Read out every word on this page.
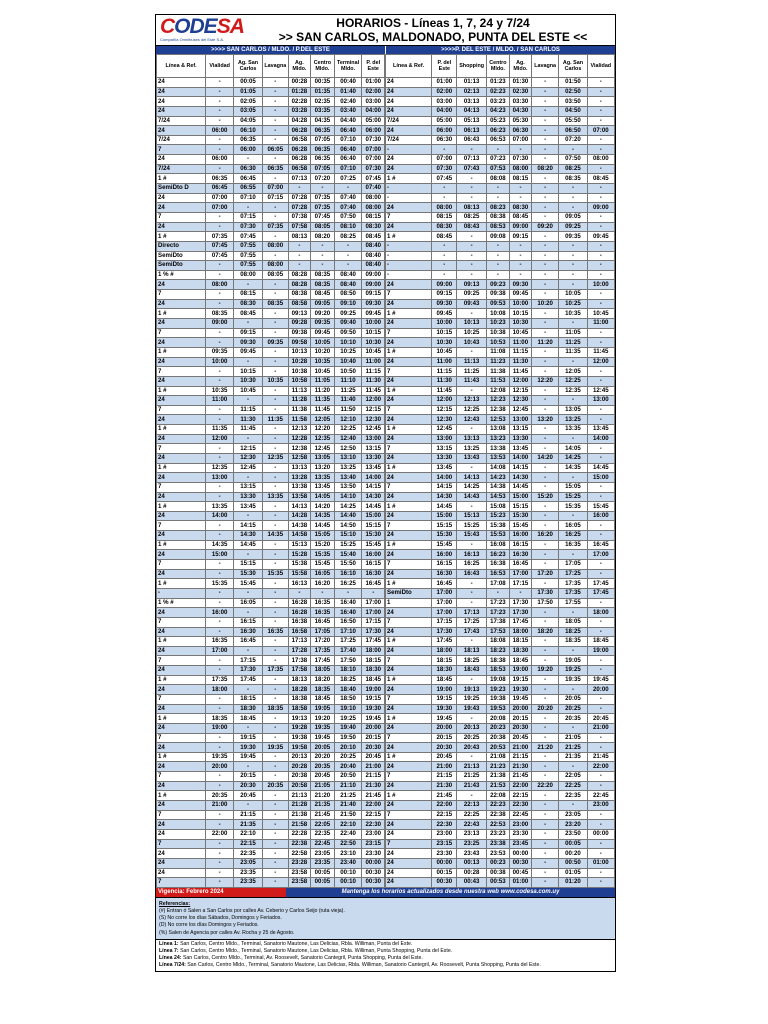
CODESA
Compañía Omnibuses del Este S.A.
HORARIOS - Líneas 1, 7, 24 y 7/24
>> SAN CARLOS, MALDONADO, PUNTA DEL ESTE <<
>>>> SAN CARLOS / MLDO. / P.DEL ESTE	>>>>P. DEL ESTE / MLDO. / SAN CARLOS
Línea & Ref.	Vialidad	Ag. San Carlos	Lavagna	Ag. Mldo.	Centro Mldo.	Terminal Mldo.	P. del Este
24	-	00:05	-	00:28	00:35	00:40	01:00
24	-	01:05	-	01:28	01:35	01:40	02:00
24	-	02:05	-	02:28	02:35	02:40	03:00
24	-	03:05	-	03:28	03:35	03:40	04:00
7/24	-	04:05	-	04:28	04:35	04:40	05:00
24	06:00	06:10	-	06:28	06:35	06:40	06:00
7/24	-	06:35	-	06:58	07:05	07:10	07:30
7	-	06:00	06:05	06:28	06:35	06:40	07:00
24	06:00	-	-	06:28	06:35	06:40	07:00
7/24	-	06:30	06:35	06:58	07:05	07:10	07:30
1 #	06:35	06:45	-	07:13	07:20	07:25	07:45
SemiDto D	06:45	06:55	07:00	-	-	-	07:40
24	07:00	07:10	07:15	07:28	07:35	07:40	08:00
24	07:00	-	-	07:28	07:35	07:40	08:00
7	-	07:15	-	07:38	07:45	07:50	08:15
24	-	07:30	07:35	07:58	08:05	08:10	08:30
1 #	07:35	07:45	-	08:13	08:20	08:25	08:45
Directo	07:45	07:55	08:00	-	-	-	08:40
SemiDto	07:45	07:55	-	-	-	-	08:40
SemiDto	-	07:55	08:00	-	-	-	08:40
1 % #	-	08:00	08:05	08:28	08:35	08:40	09:00
24	08:00	-	-	08:28	08:35	08:40	09:00
7	-	08:15	-	08:38	08:45	08:50	09:15
24	-	08:30	08:35	08:58	09:05	09:10	09:30
1 #	08:35	08:45	-	09:13	09:20	09:25	09:45
24	09:00	-	-	09:28	09:35	09:40	10:00
7	-	09:15	-	09:38	09:45	09:50	10:15
24	-	09:30	09:35	09:58	10:05	10:10	10:30
1 #	09:35	09:45	-	10:13	10:20	10:25	10:45
24	10:00	-	-	10:28	10:35	10:40	11:00
7	-	10:15	-	10:38	10:45	10:50	11:15
24	-	10:30	10:35	10:58	11:05	11:10	11:30
1 #	10:35	10:45	-	11:13	11:20	11:25	11:45
24	11:00	-	-	11:28	11:35	11:40	12:00
7	-	11:15	-	11:38	11:45	11:50	12:15
24	-	11:30	11:35	11:58	12:05	12:10	12:30
1 #	11:35	11:45	-	12:13	12:20	12:25	12:45
24	12:00	-	-	12:28	12:35	12:40	13:00
7	-	12:15	-	12:38	12:45	12:50	13:15
24	-	12:30	12:35	12:58	13:05	13:10	13:30
1 #	12:35	12:45	-	13:13	13:20	13:25	13:45
24	13:00	-	-	13:28	13:35	13:40	14:00
7	-	13:15	-	13:38	13:45	13:50	14:15
24	-	13:30	13:35	13:58	14:05	14:10	14:30
1 #	13:35	13:45	-	14:13	14:20	14:25	14:45
24	14:00	-	-	14:28	14:35	14:40	15:00
7	-	14:15	-	14:38	14:45	14:50	15:15
24	-	14:30	14:35	14:58	15:05	15:10	15:30
1 #	14:35	14:45	-	15:13	15:20	15:25	15:45
24	15:00	-	-	15:28	15:35	15:40	16:00
7	-	15:15	-	15:38	15:45	15:50	16:15
24	-	15:30	15:35	15:58	16:05	16:10	16:30
1 #	15:35	15:45	-	16:13	16:20	16:25	16:45
-	-	-	-	-	-	-	-
1 % #	-	16:05	-	16:28	16:35	16:40	17:00
24	16:00	-	-	16:28	16:35	16:40	17:00
7	-	16:15	-	16:38	16:45	16:50	17:15
24	-	16:30	16:35	16:58	17:05	17:10	17:30
1 #	16:35	16:45	-	17:13	17:20	17:25	17:45
24	17:00	-	-	17:28	17:35	17:40	18:00
7	-	17:15	-	17:38	17:45	17:50	18:15
24	-	17:30	17:35	17:58	18:05	18:10	18:30
1 #	17:35	17:45	-	18:13	18:20	18:25	18:45
24	18:00	-	-	18:28	18:35	18:40	19:00
7	-	18:15	-	18:38	18:45	18:50	19:15
24	-	18:30	18:35	18:58	19:05	19:10	19:30
1 #	18:35	18:45	-	19:13	19:20	19:25	19:45
24	19:00	-	-	19:28	19:35	19:40	20:00
7	-	19:15	-	19:38	19:45	19:50	20:15
24	-	19:30	19:35	19:58	20:05	20:10	20:30
1 #	19:35	19:45	-	20:13	20:20	20:25	20:45
24	20:00	-	-	20:28	20:35	20:40	21:00
7	-	20:15	-	20:38	20:45	20:50	21:15
24	-	20:30	20:35	20:58	21:05	21:10	21:30
1 #	20:35	20:45	-	21:13	21:20	21:25	21:45
24	21:00	-	-	21:28	21:35	21:40	22:00
7	-	21:15	-	21:38	21:45	21:50	22:15
24	-	21:35	-	21:58	22:05	22:10	22:30
24	22:00	22:10	-	22:28	22:35	22:40	23:00
7	-	22:15	-	22:38	22:45	22:50	23:15
24	-	22:35	-	22:58	23:05	23:10	23:30
24	-	23:05	-	23:28	23:35	23:40	00:00
24	-	23:35	-	23:58	00:05	00:10	00:30
7	-	23:35	-	23:58	00:05	00:10	00:30
Línea & Ref.	P. del Este	Shopping	Centro Mldo.	Ag. Mldo.	Lavagna	Ag. San Carlos	Vialidad
24	01:00	01:13	01:23	01:30	-	01:50	-
24	02:00	02:13	02:23	02:30	-	02:50	-
24	03:00	03:13	03:23	03:30	-	03:50	-
24	04:00	04:13	04:23	04:30	-	04:50	-
7/24	05:00	05:13	05:23	05:30	-	05:50	-
24	06:00	06:13	06:23	06:30	-	06:50	07:00
7/24	06:30	06:43	06:53	07:00	-	07:20	-
-	-	-	-	-	-	-	-
24	07:00	07:13	07:23	07:30	-	07:50	08:00
24	07:30	07:43	07:53	08:00	08:20	08:25	-
1 #	07:45	-	08:08	08:15	-	08:35	08:45
-	-	-	-	-	-	-	-
-	-	-	-	-	-	-	-
24	08:00	08:13	08:23	08:30	-	-	09:00
7	08:15	08:25	08:38	08:45	-	09:05	-
24	08:30	08:43	08:53	09:00	09:20	09:25	-
1 #	08:45	-	09:08	09:15	-	09:35	09:45
-	-	-	-	-	-	-	-
-	-	-	-	-	-	-	-
-	-	-	-	-	-	-	-
-	-	-	-	-	-	-	-
24	09:00	09:13	09:23	09:30	-	-	10:00
7	09:15	09:25	09:38	09:45	-	10:05	-
24	09:30	09:43	09:53	10:00	10:20	10:25	-
1 #	09:45	-	10:08	10:15	-	10:35	10:45
24	10:00	10:13	10:23	10:30	-	-	11:00
7	10:15	10:25	10:38	10:45	-	11:05	-
24	10:30	10:43	10:53	11:00	11:20	11:25	-
1 #	10:45	-	11:08	11:15	-	11:35	11:45
24	11:00	11:13	11:23	11:30	-	-	12:00
7	11:15	11:25	11:38	11:45	-	12:05	-
24	11:30	11:43	11:53	12:00	12:20	12:25	-
1 #	11:45	-	12:08	12:15	-	12:35	12:45
24	12:00	12:13	12:23	12:30	-	-	13:00
7	12:15	12:25	12:38	12:45	-	13:05	-
24	12:30	12:43	12:53	13:00	13:20	13:25	-
1 #	12:45	-	13:08	13:15	-	13:35	13:45
24	13:00	13:13	13:23	13:30	-	-	14:00
7	13:15	13:25	13:38	13:45	-	14:05	-
24	13:30	13:43	13:53	14:00	14:20	14:25	-
1 #	13:45	-	14:08	14:15	-	14:35	14:45
24	14:00	14:13	14:23	14:30	-	-	15:00
7	14:15	14:25	14:38	14:45	-	15:05	-
24	14:30	14:43	14:53	15:00	15:20	15:25	-
1 #	14:45	-	15:08	15:15	-	15:35	15:45
24	15:00	15:13	15:23	15:30	-	-	16:00
7	15:15	15:25	15:38	15:45	-	16:05	-
24	15:30	15:43	15:53	16:00	16:20	16:25	-
1 #	15:45	-	16:08	16:15	-	16:35	16:45
24	16:00	16:13	16:23	16:30	-	-	17:00
7	16:15	16:25	16:38	16:45	-	17:05	-
24	16:30	16:43	16:53	17:00	17:20	17:25	-
1 #	16:45	-	17:08	17:15	-	17:35	17:45
SemiDto	17:00	-	-	-	17:30	17:35	17:45
1	17:00	-	17:23	17:30	17:50	17:55	-
24	17:00	17:13	17:23	17:30	-	-	18:00
7	17:15	17:25	17:38	17:45	-	18:05	-
24	17:30	17:43	17:53	18:00	18:20	18:25	-
1 #	17:45	-	18:08	18:15	-	18:35	18:45
24	18:00	18:13	18:23	18:30	-	-	19:00
7	18:15	18:25	18:38	18:45	-	19:05	-
24	18:30	18:43	18:53	19:00	19:20	19:25	-
1 #	18:45	-	19:08	19:15	-	19:35	19:45
24	19:00	19:13	19:23	19:30	-	-	20:00
7	19:15	19:25	19:38	19:45	-	20:05	-
24	19:30	19:43	19:53	20:00	20:20	20:25	-
1 #	19:45	-	20:08	20:15	-	20:35	20:45
24	20:00	20:13	20:23	20:30	-	-	21:00
7	20:15	20:25	20:38	20:45	-	21:05	-
24	20:30	20:43	20:53	21:00	21:20	21:25	-
1 #	20:45	-	21:08	21:15	-	21:35	21:45
24	21:00	21:13	21:23	21:30	-	-	22:00
7	21:15	21:25	21:38	21:45	-	22:05	-
24	21:30	21:43	21:53	22:00	22:20	22:25	-
1 #	21:45	-	22:08	22:15	-	22:35	22:45
24	22:00	22:13	22:23	22:30	-	-	23:00
7	22:15	22:25	22:38	22:45	-	23:05	-
24	22:30	22:43	22:53	23:00	-	23:20	-
24	23:00	23:13	23:23	23:30	-	23:50	00:00
7	23:15	23:25	23:38	23:45	-	00:05	-
24	23:30	23:43	23:53	00:00	-	00:20	-
24	00:00	00:13	00:23	00:30	-	00:50	01:00
24	00:15	00:28	00:38	00:45	-	01:05	-
24	00:30	00:43	00:53	01:00	-	01:20	-
Vigencia: Febrero 2024	Mantenga los horarios actualizados desde nuestra web www.codesa.com.uy
Referencias:
(#) Entran ó Salen a San Carlos por calles Av. Ceberio y Carlos Seijo (ruta vieja).
(S) No corre los días Sábados, Domingos y Feriados.
(D) No corre los días Domingos y Feriados.
(%) Salen de Agencia por calles Av. Rocha y 25 de Agosto.
Línea 1: San Carlos, Centro Mldo., Terminal, Sanatorio Mautone, Las Delicias, Rbla. Williman, Punta del Este.
Línea 7: San Carlos, Centro Mldo., Terminal, Sanatorio Mautone, Las Delicias, Rbla. Williman, Punta Shopping, Punta del Este.
Línea 24: San Carlos, Centro Mldo., Terminal, Av. Roosevelt, Sanatorio Cantegril, Punta Shopping, Punta del Este.
Línea 7/24: San Carlos, Centro Mldo., Terminal, Sanatorio Mautone, Las Delicias, Rbla. Williman, Sanatorio Cantegril, Av. Roosevelt, Punta Shopping, Punta del Este.
